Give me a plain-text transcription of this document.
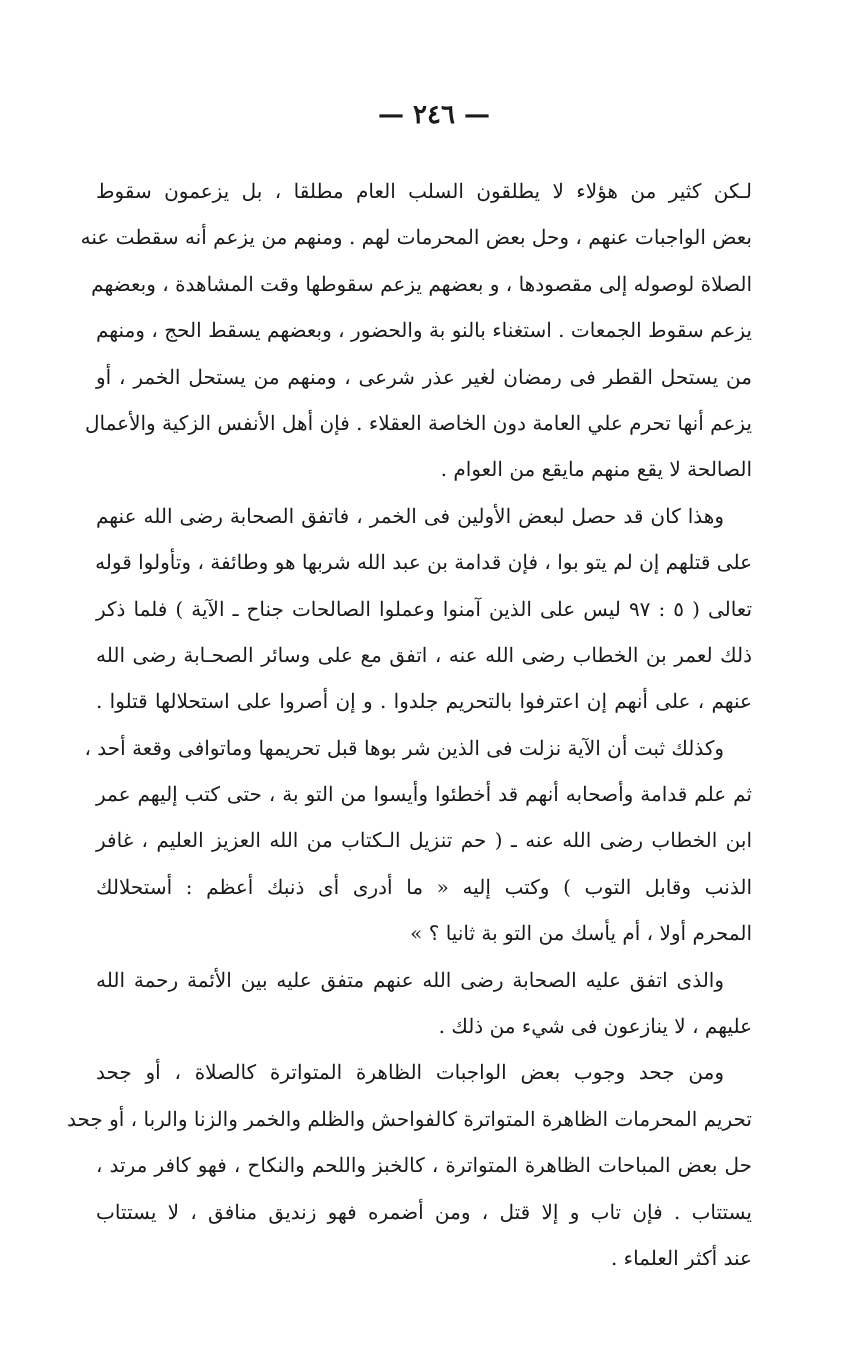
— ٢٤٦ —
لـكن كثير من هؤلاء لا يطلقون السلب العام مطلقا ، بل يزعمون سقوط
بعض الواجبات عنهم ، وحل بعض المحرمات لهم . ومنهم من يزعم أنه سقطت عنه
الصلاة لوصوله إلى مقصودها ، و بعضهم يزعم سقوطها وقت المشاهدة ، وبعضهم
يزعم سقوط الجمعات . استغناء بالنو بة والحضور ، وبعضهم يسقط الحج ، ومنهم
من يستحل القطر فى رمضان لغير عذر شرعى ، ومنهم من يستحل الخمر ، أو
يزعم أنها تحرم علي العامة دون الخاصة العقلاء . فإن أهل الأنفس الزكية والأعمال
الصالحة لا يقع منهم مايقع من العوام .
وهذا كان قد حصل لبعض الأولين فى الخمر ، فاتفق الصحابة رضى الله عنهم
على قتلهم إن لم يتو بوا ، فإن قدامة بن عبد الله شربها هو وطائفة ، وتأولوا قوله
تعالى ( ٥ : ٩٧ ليس على الذين آمنوا وعملوا الصالحات جناح ـ الآية ) فلما ذكر
ذلك لعمر بن الخطاب رضى الله عنه ، اتفق مع على وسائر الصحـابة رضى الله
عنهم ، على أنهم إن اعترفوا بالتحريم جلدوا . و إن أصروا على استحلالها قتلوا .
وكذلك ثبت أن الآية نزلت فى الذين شر بوها قبل تحريمها وماتوافى وقعة أحد ،
ثم علم قدامة وأصحابه أنهم قد أخطئوا وأيسوا من التو بة ، حتى كتب إليهم عمر
ابن الخطاب رضى الله عنه ـ ( حم تنزيل الـكتاب من الله العزيز العليم ، غافر
الذنب وقابل التوب ) وكتب إليه « ما أدرى أى ذنبك أعظم : أستحلالك
المحرم أولا ، أم يأسك من التو بة ثانيا ؟ »
والذى اتفق عليه الصحابة رضى الله عنهم متفق عليه بين الأئمة رحمة الله
عليهم ، لا ينازعون فى شيء من ذلك .
ومن جحد وجوب بعض الواجبات الظاهرة المتواترة كالصلاة ، أو جحد
تحريم المحرمات الظاهرة المتواترة كالفواحش والظلم والخمر والزنا والربا ، أو جحد
حل بعض المباحات الظاهرة المتواترة ، كالخبز واللحم والنكاح ، فهو كافر مرتد ،
يستتاب . فإن تاب و إلا قتل ، ومن أضمره فهو زنديق منافق ، لا يستتاب
عند أكثر العلماء .
